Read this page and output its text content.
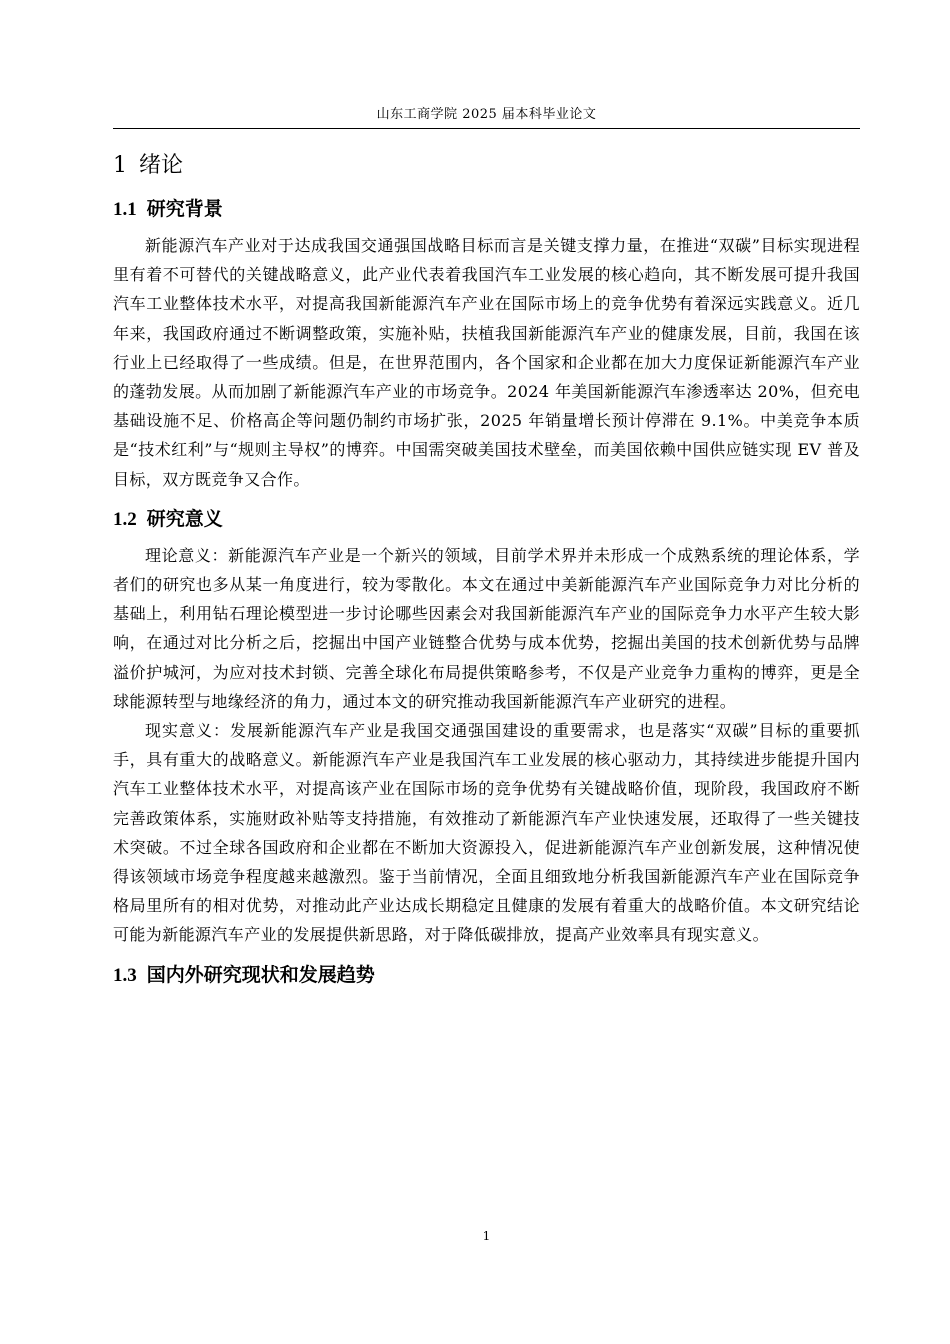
山东工商学院 2025 届本科毕业论文
1 绪论
1.1 研究背景

新能源汽车产业对于达成我国交通强国战略目标而言是关键支撑力量，在推进“双碳”目标实现进程里有着不可替代的关键战略意义，此产业代表着我国汽车工业发展的核心趋向，其不断发展可提升我国汽车工业整体技术水平，对提高我国新能源汽车产业在国际市场上的竞争优势有着深远实践意义。近几年来，我国政府通过不断调整政策，实施补贴，扶植我国新能源汽车产业的健康发展，目前，我国在该行业上已经取得了一些成绩。但是，在世界范围内，各个国家和企业都在加大力度保证新能源汽车产业的蓬勃发展。从而加剧了新能源汽车产业的市场竞争。2024 年美国新能源汽车渗透率达 20%，但充电基础设施不足、价格高企等问题仍制约市场扩张，2025 年销量增长预计停滞在 9.1%。中美竞争本质是“技术红利”与“规则主导权”的博弈。中国需突破美国技术壁垒，而美国依赖中国供应链实现 EV 普及目标，双方既竞争又合作。

1.2 研究意义

理论意义：新能源汽车产业是一个新兴的领域，目前学术界并未形成一个成熟系统的理论体系，学者们的研究也多从某一角度进行，较为零散化。本文在通过中美新能源汽车产业国际竞争力对比分析的基础上，利用钻石理论模型进一步讨论哪些因素会对我国新能源汽车产业的国际竞争力水平产生较大影响，在通过对比分析之后，挖掘出中国产业链整合优势与成本优势，挖掘出美国的技术创新优势与品牌溢价护城河，为应对技术封锁、完善全球化布局提供策略参考，不仅是产业竞争力重构的博弈，更是全球能源转型与地缘经济的角力，通过本文的研究推动我国新能源汽车产业研究的进程。

现实意义：发展新能源汽车产业是我国交通强国建设的重要需求，也是落实“双碳”目标的重要抓手，具有重大的战略意义。新能源汽车产业是我国汽车工业发展的核心驱动力，其持续进步能提升国内汽车工业整体技术水平，对提高该产业在国际市场的竞争优势有关键战略价值，现阶段，我国政府不断完善政策体系，实施财政补贴等支持措施，有效推动了新能源汽车产业快速发展，还取得了一些关键技术突破。不过全球各国政府和企业都在不断加大资源投入，促进新能源汽车产业创新发展，这种情况使得该领域市场竞争程度越来越激烈。鉴于当前情况，全面且细致地分析我国新能源汽车产业在国际竞争格局里所有的相对优势，对推动此产业达成长期稳定且健康的发展有着重大的战略价值。本文研究结论可能为新能源汽车产业的发展提供新思路，对于降低碳排放，提高产业效率具有现实意义。

1.3 国内外研究现状和发展趋势
1
